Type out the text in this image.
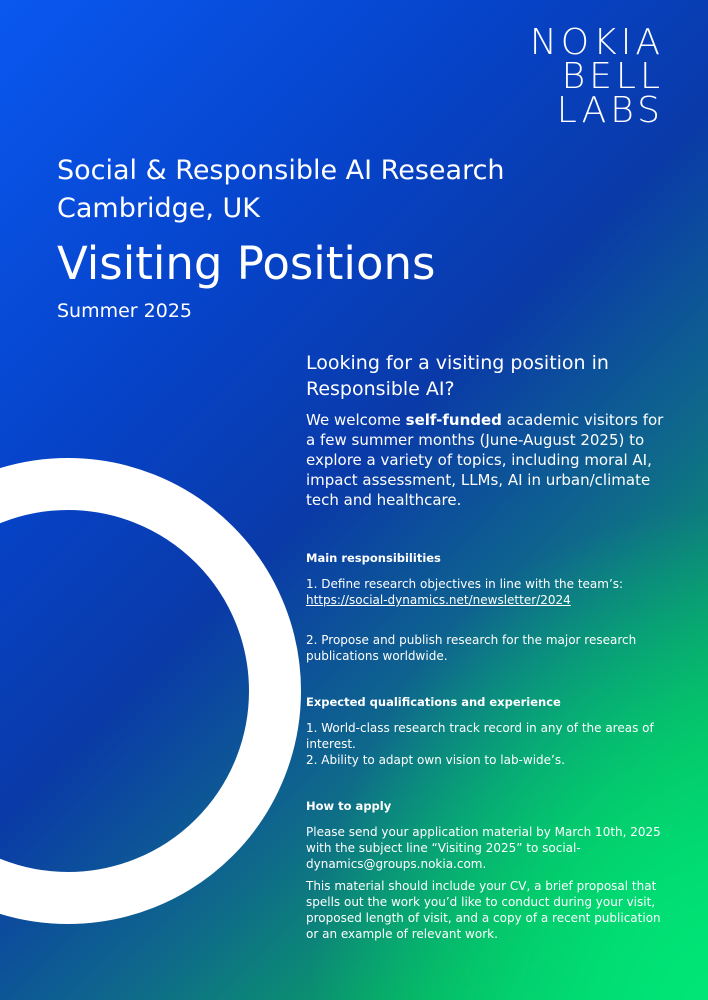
NOKIA
BELL
LABS
Social & Responsible AI Research
Cambridge, UK
Visiting Positions
Summer 2025
Looking for a visiting position in Responsible AI?
We welcome self-funded academic visitors for a few summer months (June-August 2025) to explore a variety of topics, including moral AI, impact assessment, LLMs, AI in urban/climate tech and healthcare.
Main responsibilities
1. Define research objectives in line with the team’s:
https://social-dynamics.net/newsletter/2024
2. Propose and publish research for the major research publications worldwide.
Expected qualifications and experience
1. World-class research track record in any of the areas of interest.
2. Ability to adapt own vision to lab-wide’s.
How to apply
Please send your application material by March 10th, 2025 with the subject line “Visiting 2025” to social-dynamics@groups.nokia.com.
This material should include your CV, a brief proposal that spells out the work you’d like to conduct during your visit, proposed length of visit, and a copy of a recent publication or an example of relevant work.
